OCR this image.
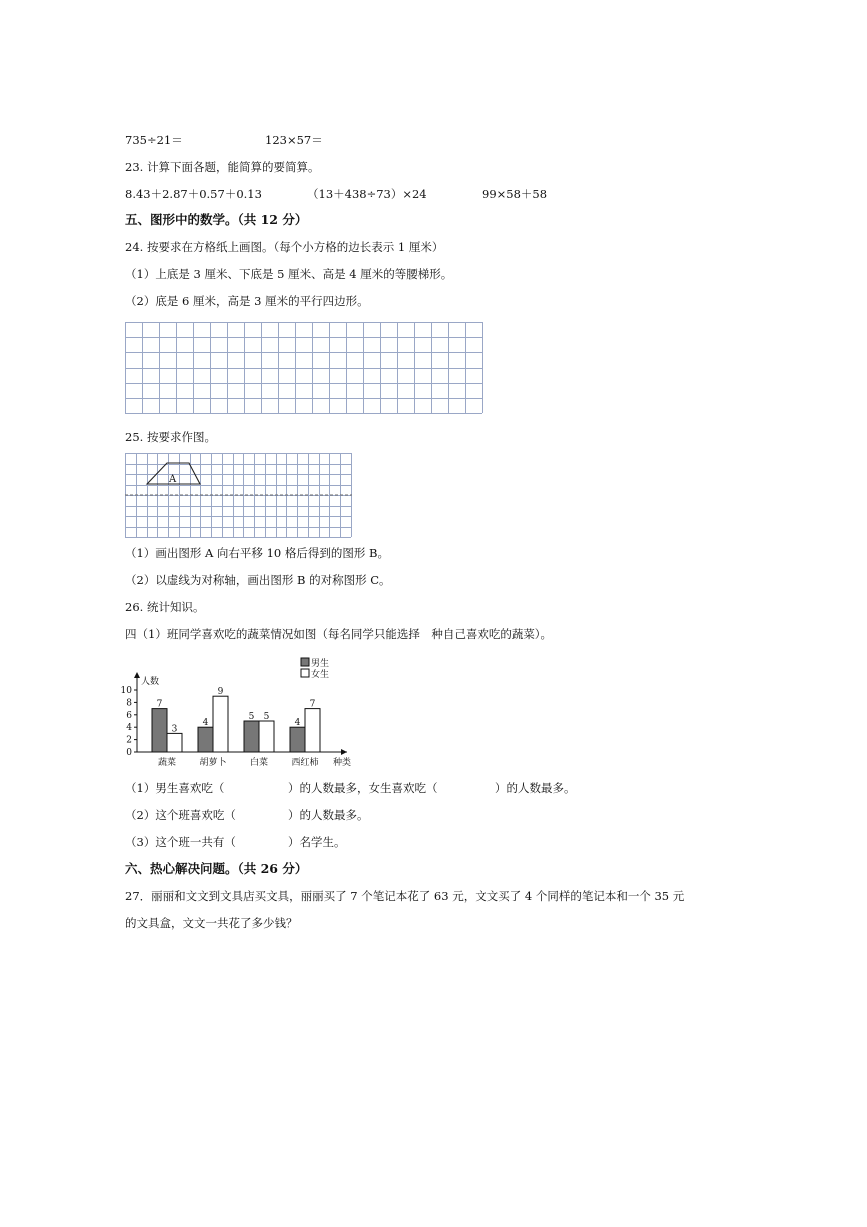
735÷21＝	123×57＝
23. 计算下面各题，能简算的要简算。
8.43＋2.87＋0.57＋0.13	（13＋438÷73）×24	99×58＋58
五、图形中的数学。（共 12 分）
24. 按要求在方格纸上画图。（每个小方格的边长表示 1 厘米）
（1）上底是 3 厘米、下底是 5 厘米、高是 4 厘米的等腰梯形。
（2）底是 6 厘米，高是 3 厘米的平行四边形。
25. 按要求作图。
A
（1）画出图形 A 向右平移 10 格后得到的图形 B。
（2）以虚线为对称轴，画出图形 B 的对称图形 C。
26. 统计知识。
四（1）班同学喜欢吃的蔬菜情况如图（每名同学只能选择　种自己喜欢吃的蔬菜）。
人数
种类
0
2
4
6
8
10
7
3
蔬菜
4
9
胡萝卜
5 5
白菜
4
7
西红柿
男生
女生
（1）男生喜欢吃（	）的人数最多，女生喜欢吃（	）的人数最多。
（2）这个班喜欢吃（	）的人数最多。
（3）这个班一共有（	）名学生。
六、热心解决问题。（共 26 分）
27．丽丽和文文到文具店买文具，丽丽买了 7 个笔记本花了 63 元，文文买了 4 个同样的笔记本和一个 35 元
的文具盒，文文一共花了多少钱？
